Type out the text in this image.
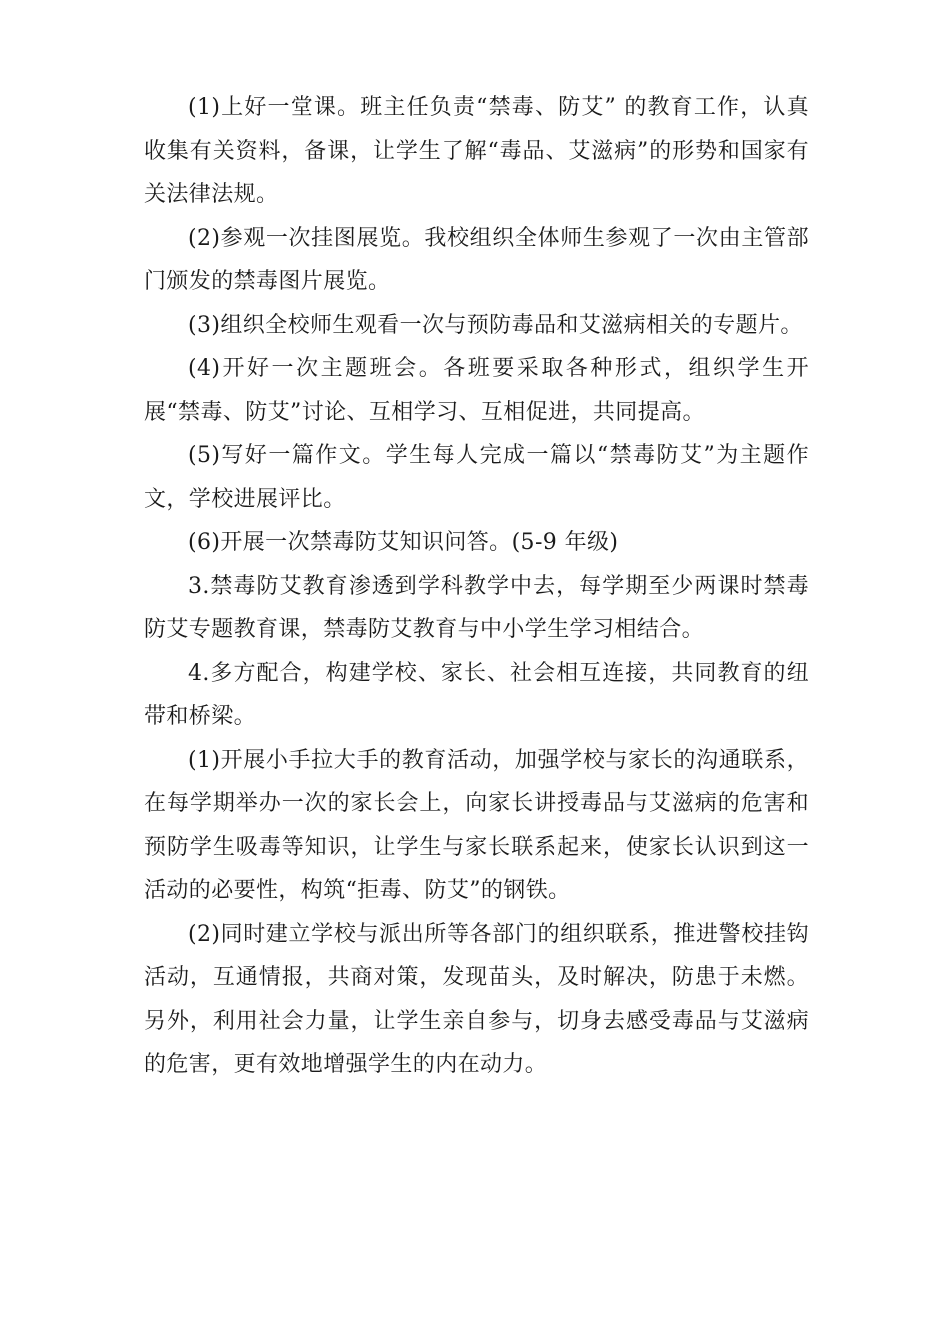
(1)上好一堂课。班主任负责“禁毒、防艾” 的教育工作，认真收集有关资料，备课，让学生了解“毒品、艾滋病”的形势和国家有关法律法规。

(2)参观一次挂图展览。我校组织全体师生参观了一次由主管部门颁发的禁毒图片展览。

(3)组织全校师生观看一次与预防毒品和艾滋病相关的专题片。

(4)开好一次主题班会。各班要采取各种形式，组织学生开展“禁毒、防艾”讨论、互相学习、互相促进，共同提高。

(5)写好一篇作文。学生每人完成一篇以“禁毒防艾”为主题作文，学校进展评比。

(6)开展一次禁毒防艾知识问答。(5-9 年级)

3.禁毒防艾教育渗透到学科教学中去，每学期至少两课时禁毒防艾专题教育课，禁毒防艾教育与中小学生学习相结合。

4.多方配合，构建学校、家长、社会相互连接，共同教育的纽带和桥梁。

(1)开展小手拉大手的教育活动，加强学校与家长的沟通联系，在每学期举办一次的家长会上，向家长讲授毒品与艾滋病的危害和预防学生吸毒等知识，让学生与家长联系起来，使家长认识到这一活动的必要性，构筑“拒毒、防艾”的钢铁。

(2)同时建立学校与派出所等各部门的组织联系，推进警校挂钩活动，互通情报，共商对策，发现苗头，及时解决，防患于未燃。另外，利用社会力量，让学生亲自参与，切身去感受毒品与艾滋病的危害，更有效地增强学生的内在动力。
